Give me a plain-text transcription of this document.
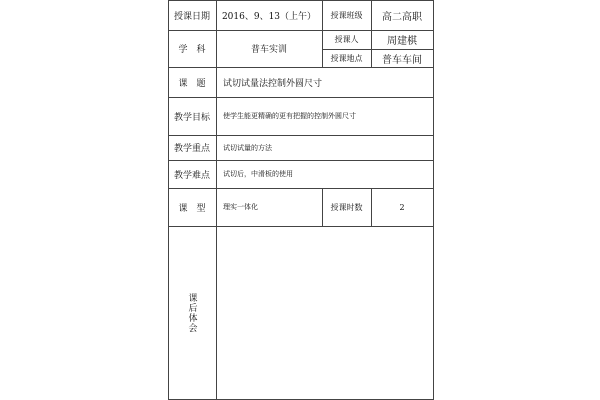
授课日期	2016、9、13（上午）	授课班级	高二高职
学　科	普车实训
授课人	周建棋
授课地点	普车车间
课　题	试切试量法控制外圆尺寸
教学目标	使学生能更精确的更有把握的控制外圆尺寸
教学重点	试切试量的方法
教学难点	试切后，中滑板的使用
课　型	理实一体化	授课时数	2
课后体会
